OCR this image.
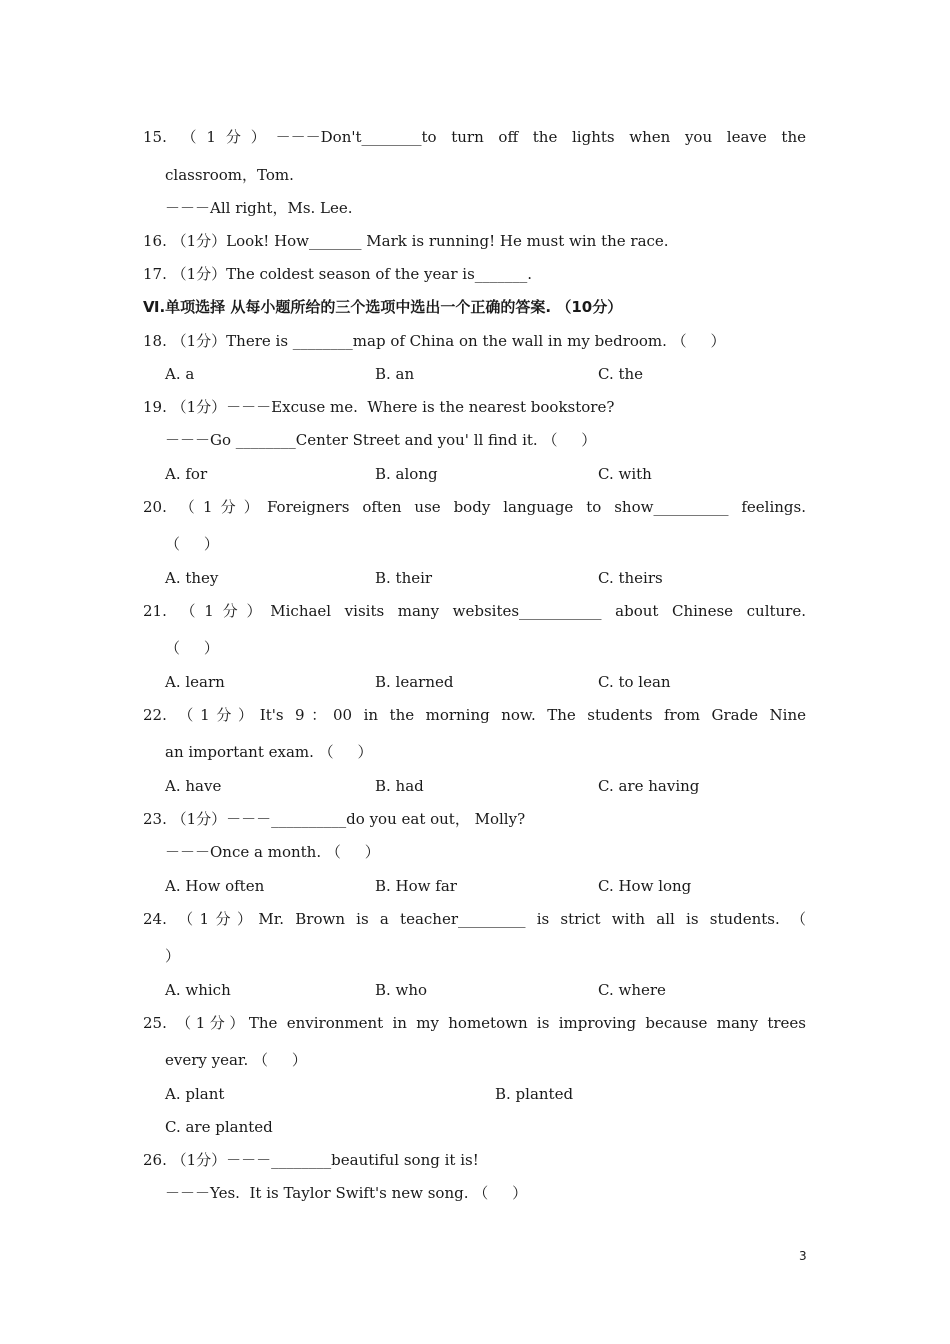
15. （1分）－－－Don't________to turn off the lights when you leave the
classroom，Tom.
－－－All right，Ms. Lee.
16. （1分）Look! How_______ Mark is running! He must win the race.
17. （1分）The coldest season of the year is_______.
Ⅵ.单项选择 从每小题所给的三个选项中选出一个正确的答案. （10分）
18. （1分）There is ________map of China on the wall in my bedroom. （     ）
A. a	B. an	C. the
19. （1分）－－－Excuse me.  Where is the nearest bookstore?
－－－Go ________Center Street and you' ll find it. （     ）
A. for	B. along	C. with
20. （1分）Foreigners often use body language to show__________ feelings.
（     ）
A. they	B. their	C. theirs
21. （1分）Michael visits many websites___________ about Chinese culture.
（     ）
A. learn	B. learned	C. to lean
22. （1分）It's 9：00 in the morning now. The students from Grade Nine
an important exam. （     ）
A. have	B. had	C. are having
23. （1分）－－－__________do you eat out， Molly?
－－－Once a month. （     ）
A. How often	B. How far	C. How long
24. （1分）Mr. Brown is a teacher_________ is strict with all is students. （
）
A. which	B. who	C. where
25. （1分）The environment in my hometown is improving because many trees
every year. （     ）
A. plant	B. planted
C. are planted
26. （1分）－－－________beautiful song it is!
－－－Yes.  It is Taylor Swift's new song. （     ）
3
